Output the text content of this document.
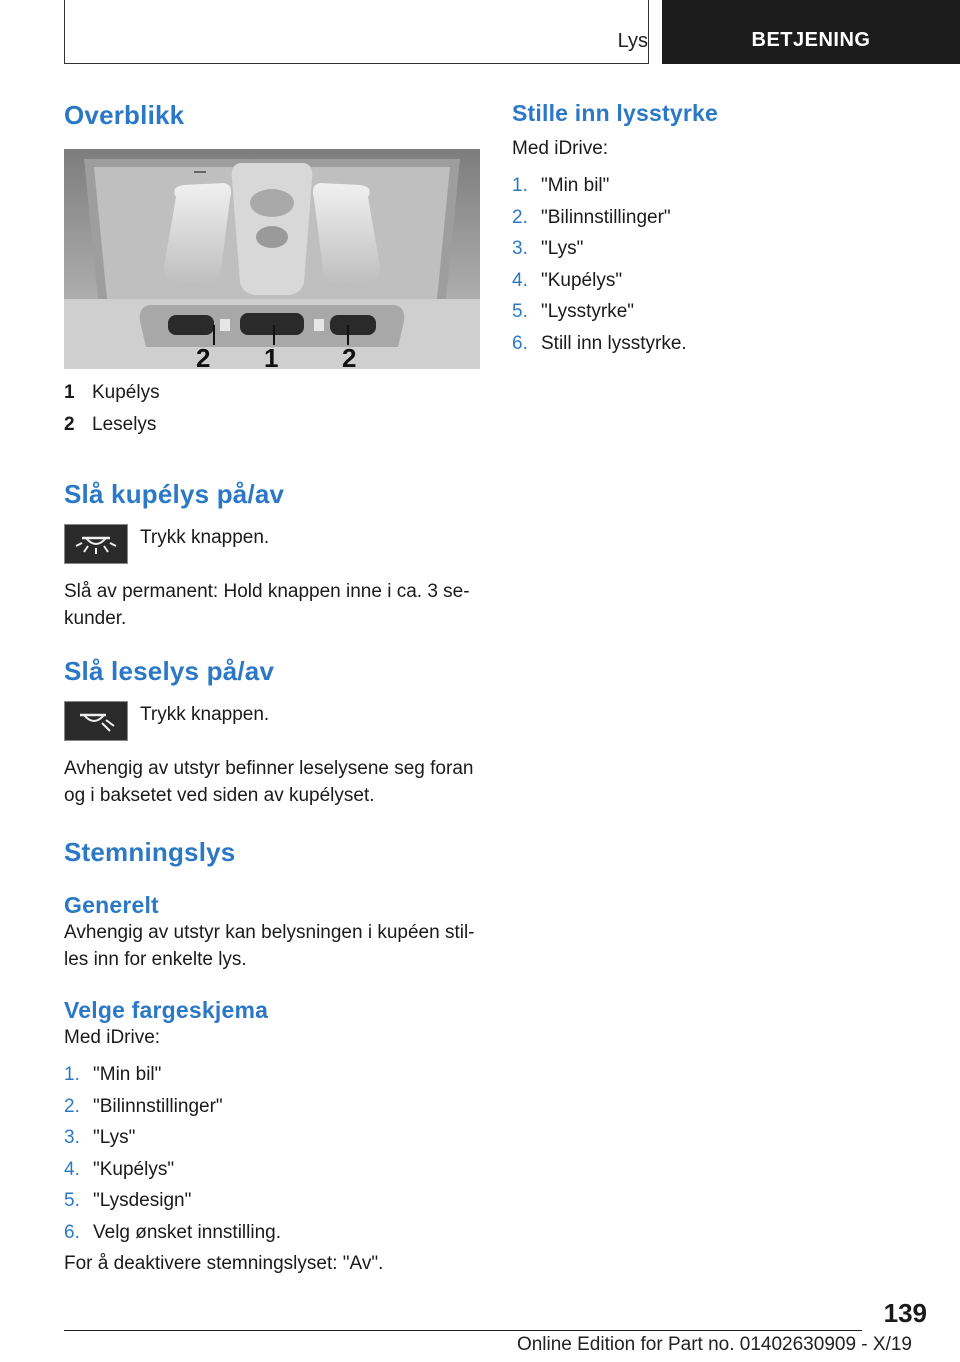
Lys	BETJENING
Overblikk
2 1 2
1 Kupélys
2 Leselys
Slå kupélys på/av
Trykk knappen.

Slå av permanent: Hold knappen inne i ca. 3 se-
kunder.

Slå leselys på/av
Trykk knappen.

Avhengig av utstyr befinner leselysene seg foran
og i baksetet ved siden av kupélyset.

Stemningslys
Generelt

Avhengig av utstyr kan belysningen i kupéen stil-
les inn for enkelte lys.

Velge fargeskjema

Med iDrive:

1. "Min bil"
2. "Bilinnstillinger"
3. "Lys"
4. "Kupélys"
5. "Lysdesign"
6. Velg ønsket innstilling.

For å deaktivere stemningslyset: "Av".

Stille inn lysstyrke

Med iDrive:

1. "Min bil"
2. "Bilinnstillinger"
3. "Lys"
4. "Kupélys"
5. "Lysstyrke"
6. Still inn lysstyrke.
139
Online Edition for Part no. 01402630909 - X/19
